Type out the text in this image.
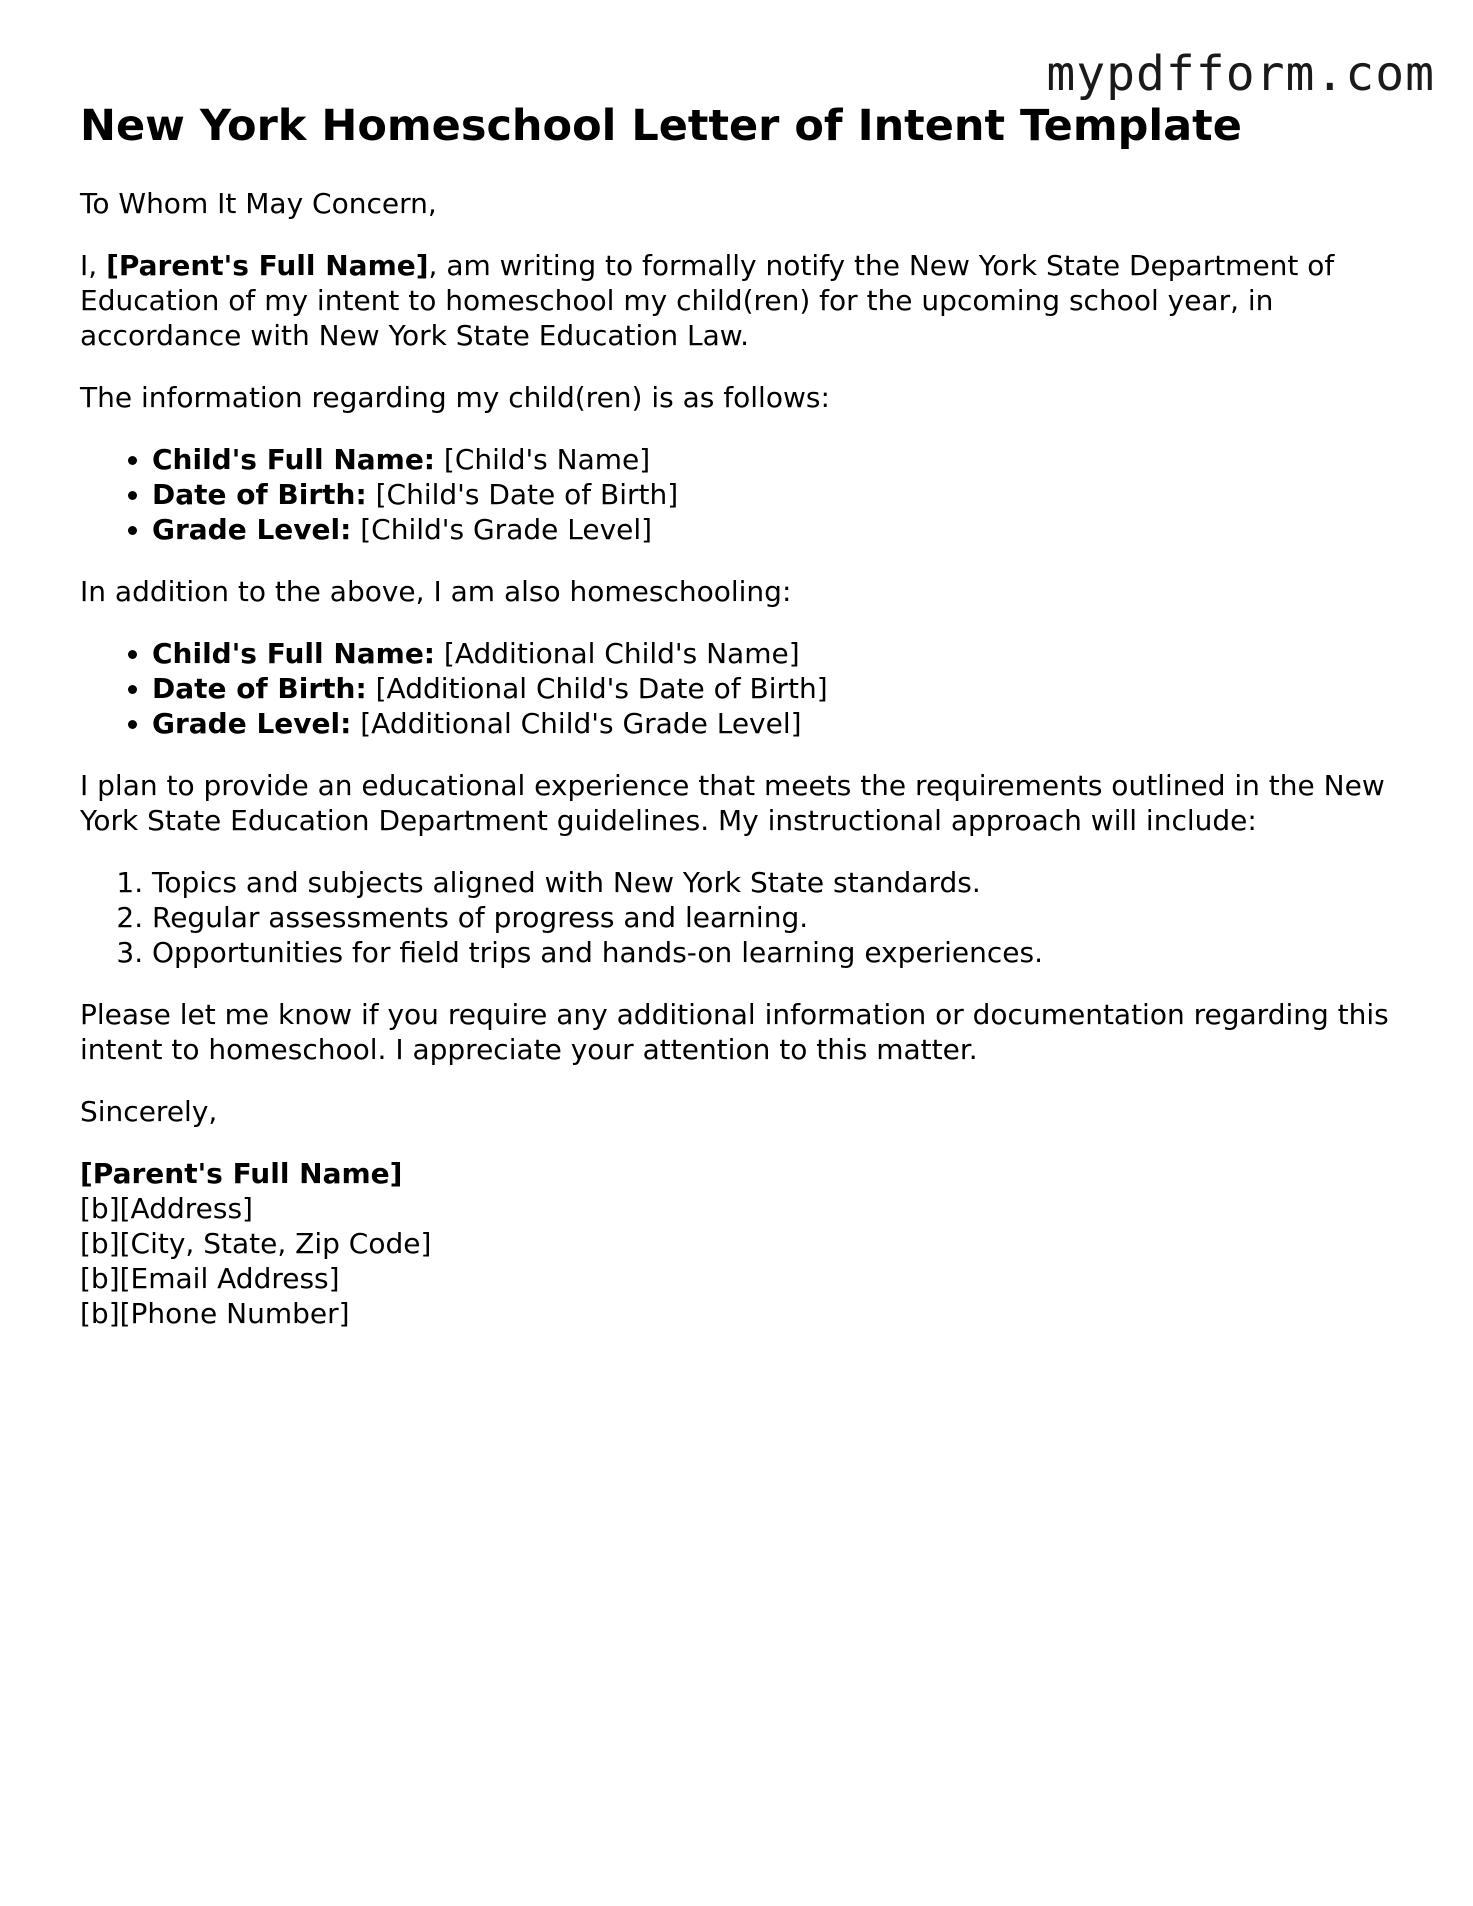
mypdfform.com
New York Homeschool Letter of Intent Template

To Whom It May Concern,

I, [Parent's Full Name], am writing to formally notify the New York State Department of Education of my intent to homeschool my child(ren) for the upcoming school year, in accordance with New York State Education Law.

The information regarding my child(ren) is as follows:

• Child's Full Name: [Child's Name]
• Date of Birth: [Child's Date of Birth]
• Grade Level: [Child's Grade Level]

In addition to the above, I am also homeschooling:

• Child's Full Name: [Additional Child's Name]
• Date of Birth: [Additional Child's Date of Birth]
• Grade Level: [Additional Child's Grade Level]

I plan to provide an educational experience that meets the requirements outlined in the New York State Education Department guidelines. My instructional approach will include:

1. Topics and subjects aligned with New York State standards.
2. Regular assessments of progress and learning.
3. Opportunities for field trips and hands-on learning experiences.

Please let me know if you require any additional information or documentation regarding this intent to homeschool. I appreciate your attention to this matter.

Sincerely,

[Parent's Full Name]

[b][Address]

[b][City, State, Zip Code]

[b][Email Address]

[b][Phone Number]
